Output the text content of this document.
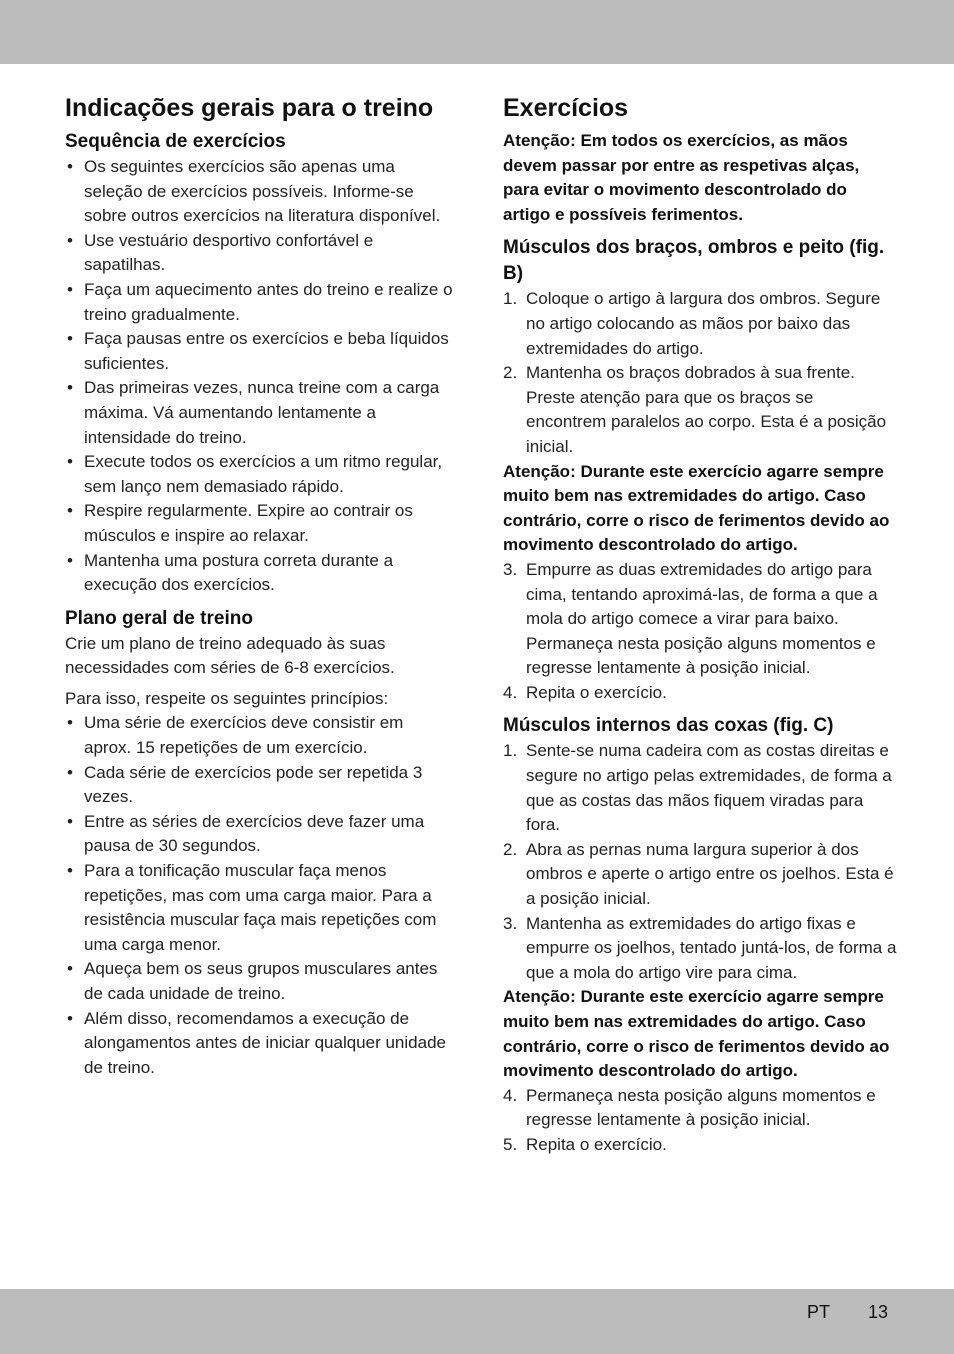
Indicações gerais para o treino
Sequência de exercícios
• Os seguintes exercícios são apenas uma seleção de exercícios possíveis. Informe-se sobre outros exercícios na literatura disponível.
• Use vestuário desportivo confortável e sapatilhas.
• Faça um aquecimento antes do treino e realize o treino gradualmente.
• Faça pausas entre os exercícios e beba líquidos suficientes.
• Das primeiras vezes, nunca treine com a carga máxima. Vá aumentando lentamente a intensidade do treino.
• Execute todos os exercícios a um ritmo regular, sem lanço nem demasiado rápido.
• Respire regularmente. Expire ao contrair os músculos e inspire ao relaxar.
• Mantenha uma postura correta durante a execução dos exercícios.
Plano geral de treino

Crie um plano de treino adequado às suas necessidades com séries de 6-8 exercícios.

Para isso, respeite os seguintes princípios:

• Uma série de exercícios deve consistir em aprox. 15 repetições de um exercício.
• Cada série de exercícios pode ser repetida 3 vezes.
• Entre as séries de exercícios deve fazer uma pausa de 30 segundos.
• Para a tonificação muscular faça menos repetições, mas com uma carga maior. Para a resistência muscular faça mais repetições com uma carga menor.
• Aqueça bem os seus grupos musculares antes de cada unidade de treino.
• Além disso, recomendamos a execução de alongamentos antes de iniciar qualquer unidade de treino.
Exercícios

Atenção: Em todos os exercícios, as mãos devem passar por entre as respetivas alças, para evitar o movimento descontrolado do artigo e possíveis ferimentos.

Músculos dos braços, ombros e peito (fig. B)
1. Coloque o artigo à largura dos ombros. Segure no artigo colocando as mãos por baixo das extremidades do artigo.
2. Mantenha os braços dobrados à sua frente. Preste atenção para que os braços se encontrem paralelos ao corpo. Esta é a posição inicial.

Atenção: Durante este exercício agarre sempre muito bem nas extremidades do artigo. Caso contrário, corre o risco de ferimentos devido ao movimento descontrolado do artigo.

3. Empurre as duas extremidades do artigo para cima, tentando aproximá-las, de forma a que a mola do artigo comece a virar para baixo. Permaneça nesta posição alguns momentos e regresse lentamente à posição inicial.
4. Repita o exercício.
Músculos internos das coxas (fig. C)
1. Sente-se numa cadeira com as costas direitas e segure no artigo pelas extremidades, de forma a que as costas das mãos fiquem viradas para fora.
2. Abra as pernas numa largura superior à dos ombros e aperte o artigo entre os joelhos. Esta é a posição inicial.
3. Mantenha as extremidades do artigo fixas e empurre os joelhos, tentado juntá-los, de forma a que a mola do artigo vire para cima.

Atenção: Durante este exercício agarre sempre muito bem nas extremidades do artigo. Caso contrário, corre o risco de ferimentos devido ao movimento descontrolado do artigo.

4. Permaneça nesta posição alguns momentos e regresse lentamente à posição inicial.
5. Repita o exercício.
PT 13
